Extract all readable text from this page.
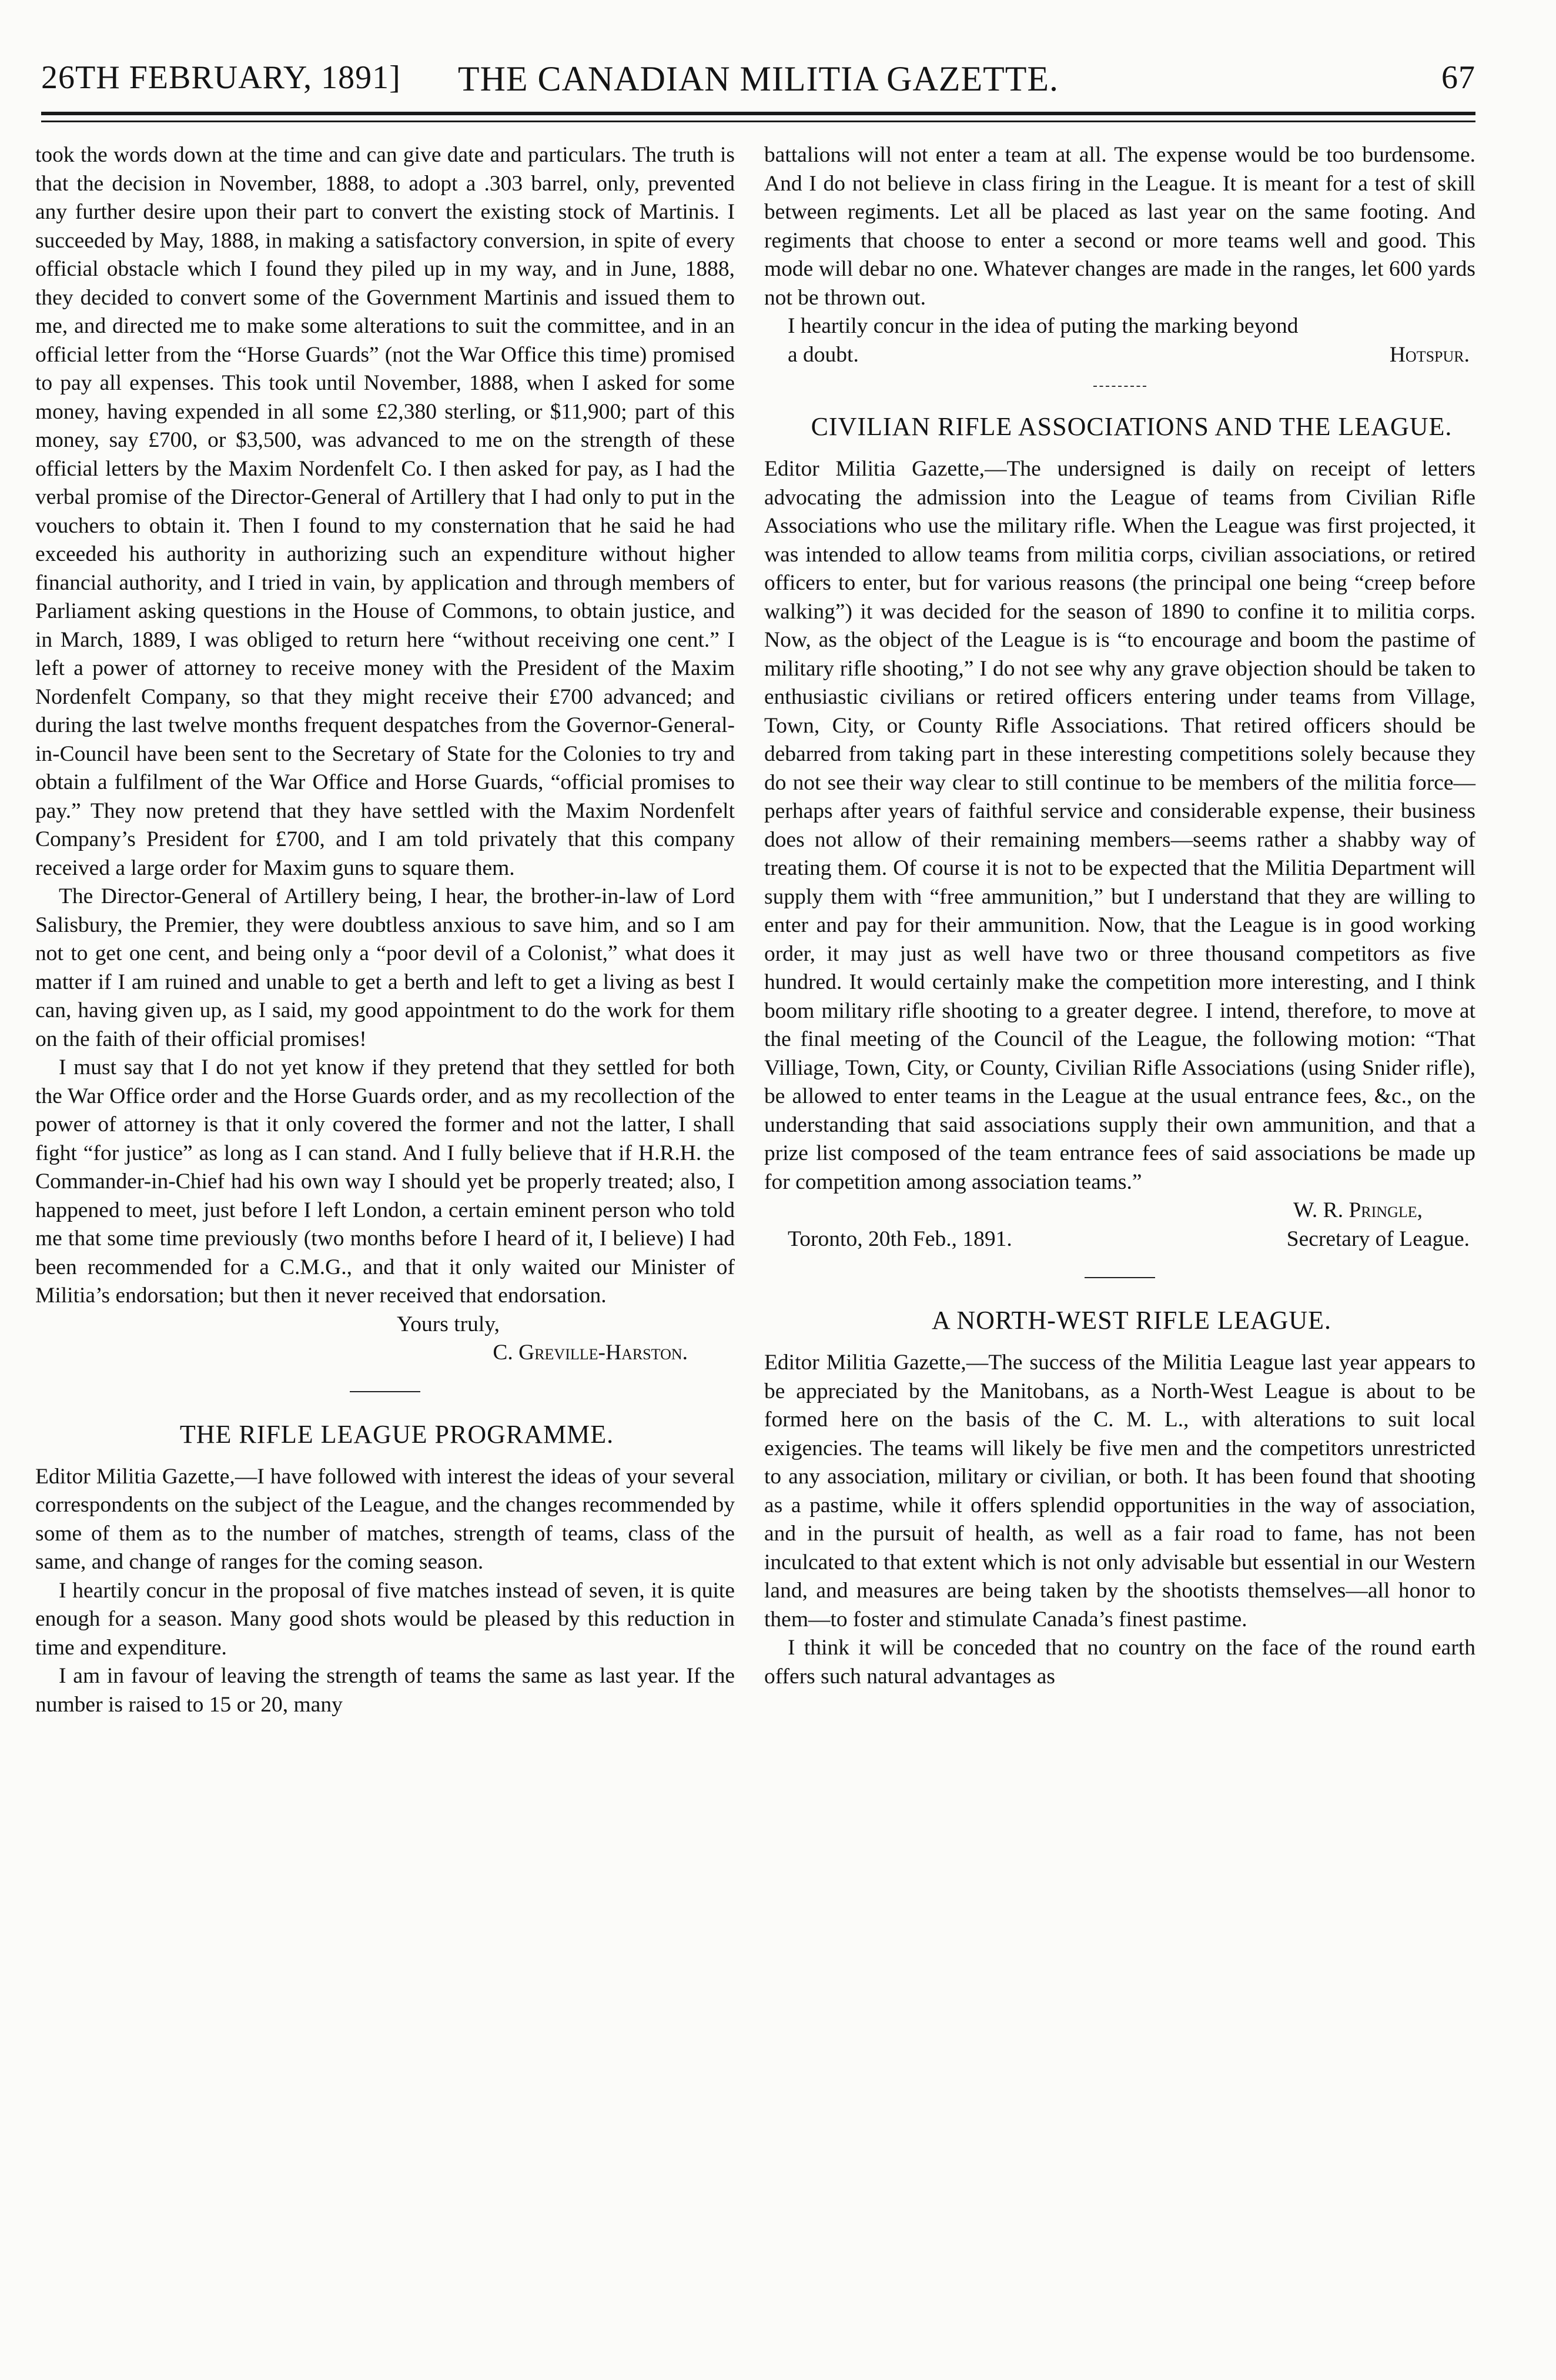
26TH FEBRUARY, 1891]	THE CANADIAN MILITIA GAZETTE.	67

took the words down at the time and can give date and particulars. The truth is that the decision in November, 1888, to adopt a .303 barrel, only, prevented any further desire upon their part to convert the existing stock of Martinis. I succeeded by May, 1888, in making a satisfactory conversion, in spite of every official obstacle which I found they piled up in my way, and in June, 1888, they decided to convert some of the Government Martinis and issued them to me, and directed me to make some alterations to suit the committee, and in an official letter from the “Horse Guards” (not the War Office this time) promised to pay all expenses. This took until November, 1888, when I asked for some money, having expended in all some £2,380 sterling, or $11,900; part of this money, say £700, or $3,500, was advanced to me on the strength of these official letters by the Maxim Nordenfelt Co. I then asked for pay, as I had the verbal promise of the Director-General of Artillery that I had only to put in the vouchers to obtain it. Then I found to my consternation that he said he had exceeded his authority in authorizing such an expenditure without higher financial authority, and I tried in vain, by application and through members of Parliament asking questions in the House of Commons, to obtain justice, and in March, 1889, I was obliged to return here “without receiving one cent.” I left a power of attorney to receive money with the President of the Maxim Nordenfelt Company, so that they might receive their £700 advanced; and during the last twelve months frequent despatches from the Governor-General-in-Council have been sent to the Secretary of State for the Colonies to try and obtain a fulfilment of the War Office and Horse Guards, “official promises to pay.” They now pretend that they have settled with the Maxim Nordenfelt Company’s President for £700, and I am told privately that this company received a large order for Maxim guns to square them.

The Director-General of Artillery being, I hear, the brother-in-law of Lord Salisbury, the Premier, they were doubtless anxious to save him, and so I am not to get one cent, and being only a “poor devil of a Colonist,” what does it matter if I am ruined and unable to get a berth and left to get a living as best I can, having given up, as I said, my good appointment to do the work for them on the faith of their official promises!

I must say that I do not yet know if they pretend that they settled for both the War Office order and the Horse Guards order, and as my recollection of the power of attorney is that it only covered the former and not the latter, I shall fight “for justice” as long as I can stand. And I fully believe that if H.R.H. the Commander-in-Chief had his own way I should yet be properly treated; also, I happened to meet, just before I left London, a certain eminent person who told me that some time previously (two months before I heard of it, I believe) I had been recommended for a C.M.G., and that it only waited our Minister of Militia’s endorsation; but then it never received that endorsation.

Yours truly,

C. Greville-Harston.

THE RIFLE LEAGUE PROGRAMME.

Editor Militia Gazette,—I have followed with interest the ideas of your several correspondents on the subject of the League, and the changes recommended by some of them as to the number of matches, strength of teams, class of the same, and change of ranges for the coming season.

I heartily concur in the proposal of five matches instead of seven, it is quite enough for a season. Many good shots would be pleased by this reduction in time and expenditure.

I am in favour of leaving the strength of teams the same as last year. If the number is raised to 15 or 20, many

battalions will not enter a team at all. The expense would be too burdensome. And I do not believe in class firing in the League. It is meant for a test of skill between regiments. Let all be placed as last year on the same footing. And regiments that choose to enter a second or more teams well and good. This mode will debar no one. Whatever changes are made in the ranges, let 600 yards not be thrown out.

I heartily concur in the idea of puting the marking beyond

a doubt.	Hotspur.

CIVILIAN RIFLE ASSOCIATIONS AND THE LEAGUE.

Editor Militia Gazette,—The undersigned is daily on receipt of letters advocating the admission into the League of teams from Civilian Rifle Associations who use the military rifle. When the League was first projected, it was intended to allow teams from militia corps, civilian associations, or retired officers to enter, but for various reasons (the principal one being “creep before walking”) it was decided for the season of 1890 to confine it to militia corps. Now, as the object of the League is is “to encourage and boom the pastime of military rifle shooting,” I do not see why any grave objection should be taken to enthusiastic civilians or retired officers entering under teams from Village, Town, City, or County Rifle Associations. That retired officers should be debarred from taking part in these interesting competitions solely because they do not see their way clear to still continue to be members of the militia force—perhaps after years of faithful service and considerable expense, their business does not allow of their remaining members—seems rather a shabby way of treating them. Of course it is not to be expected that the Militia Department will supply them with “free ammunition,” but I understand that they are willing to enter and pay for their ammunition. Now, that the League is in good working order, it may just as well have two or three thousand competitors as five hundred. It would certainly make the competition more interesting, and I think boom military rifle shooting to a greater degree. I intend, therefore, to move at the final meeting of the Council of the League, the following motion: “That Villiage, Town, City, or County, Civilian Rifle Associations (using Snider rifle), be allowed to enter teams in the League at the usual entrance fees, &c., on the understanding that said associations supply their own ammunition, and that a prize list composed of the team entrance fees of said associations be made up for competition among association teams.”

W. R. Pringle,

Toronto, 20th Feb., 1891.	Secretary of League.

A NORTH-WEST RIFLE LEAGUE.

Editor Militia Gazette,—The success of the Militia League last year appears to be appreciated by the Manitobans, as a North-West League is about to be formed here on the basis of the C. M. L., with alterations to suit local exigencies. The teams will likely be five men and the competitors unrestricted to any association, military or civilian, or both. It has been found that shooting as a pastime, while it offers splendid opportunities in the way of association, and in the pursuit of health, as well as a fair road to fame, has not been inculcated to that extent which is not only advisable but essential in our Western land, and measures are being taken by the shootists themselves—all honor to them—to foster and stimulate Canada’s finest pastime.

I think it will be conceded that no country on the face of the round earth offers such natural advantages as
